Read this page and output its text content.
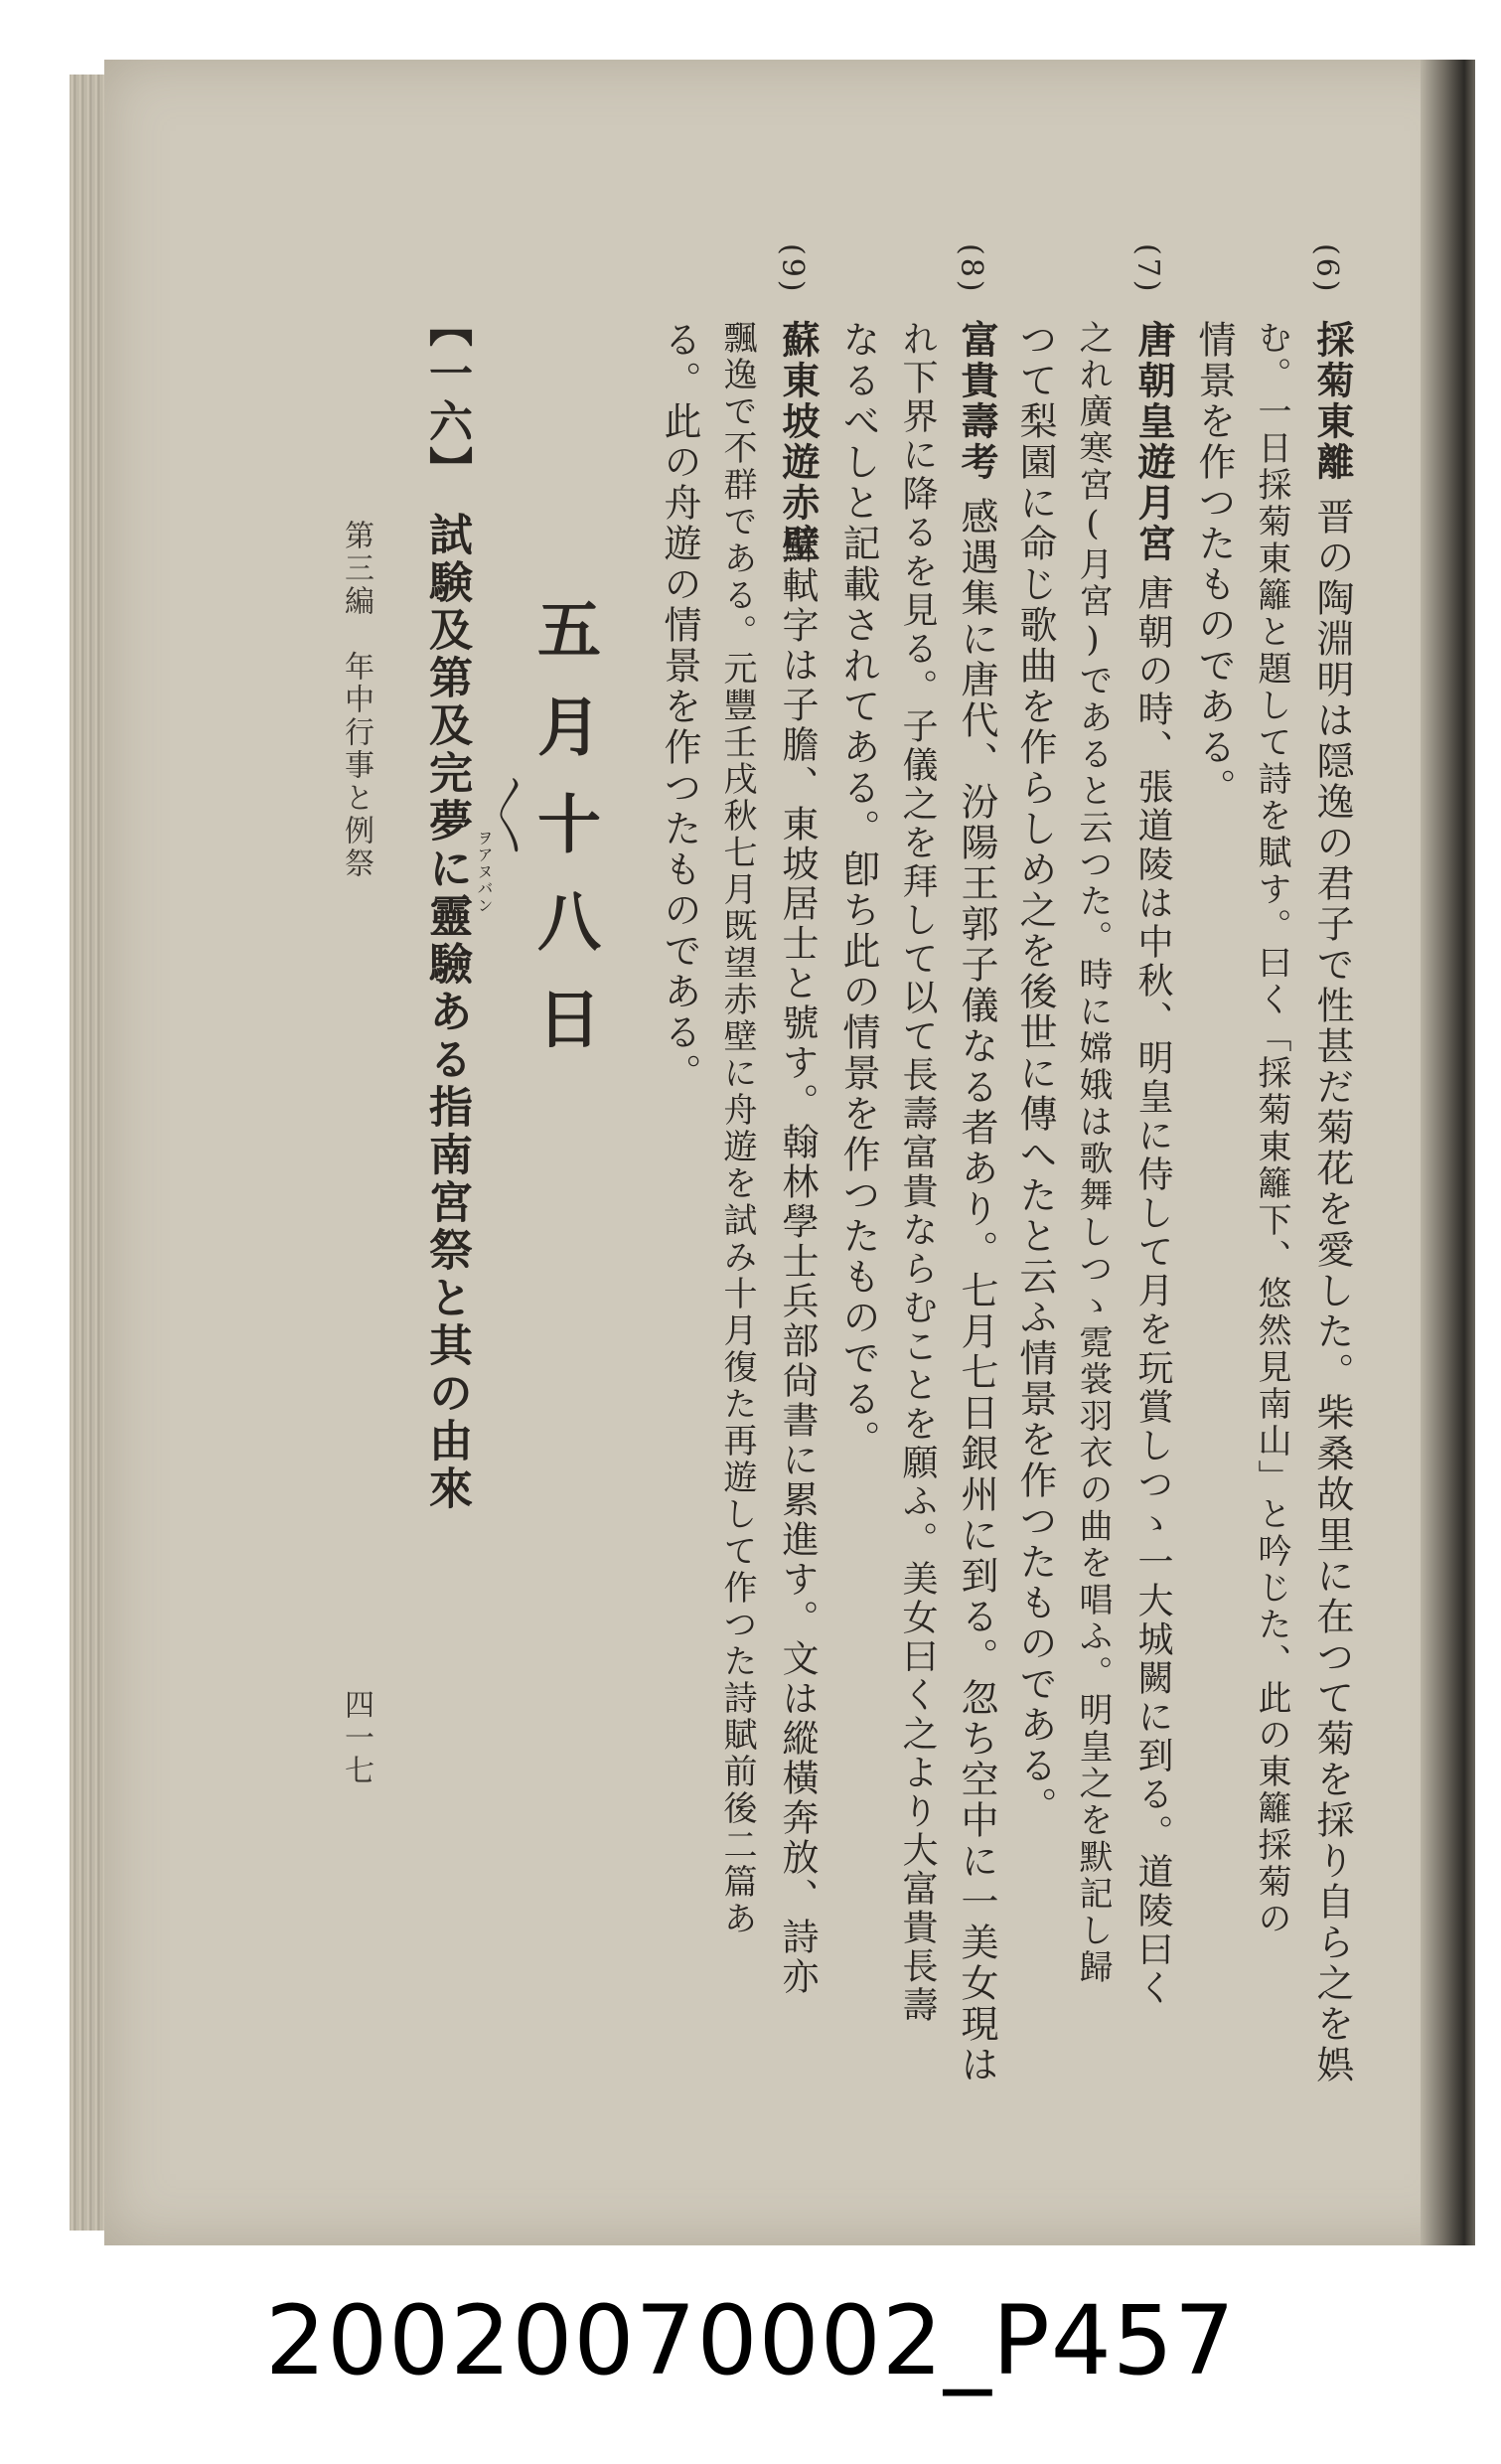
(6)
採菊東離
晋の陶淵明は隠逸の君子で性甚だ菊花を愛した。柴桑故里に在つて菊を採り自ら之を娯
む。一日採菊東籬と題して詩を賦す。曰く「採菊東籬下、悠然見南山」と吟じた、此の東籬採菊の
情景を作つたものである。
(7)
唐朝皇遊月宮
唐朝の時、張道陵は中秋、明皇に侍して月を玩賞しつゝ一大城闕に到る。道陵曰く
之れ廣寒宮(月宮)であると云つた。時に嫦娥は歌舞しつゝ霓裳羽衣の曲を唱ふ。明皇之を默記し歸
つて梨園に命じ歌曲を作らしめ之を後世に傳へたと云ふ情景を作つたものである。
(8)
富貴壽考
感遇集に唐代、汾陽王郭子儀なる者あり。七月七日銀州に到る。忽ち空中に一美女現は
れ下界に降るを見る。子儀之を拜して以て長壽富貴ならむことを願ふ。美女曰く之より大富貴長壽
なるべしと記載されてある。卽ち此の情景を作つたものでる。
(9)
蘇東坡遊赤壁
蘇軾字は子膽、東坡居士と號す。翰林學士兵部尙書に累進す。文は縱橫奔放、詩亦
飄逸で不群である。元豐壬戌秋七月既望赤壁に舟遊を試み十月復た再遊して作つた詩賦前後二篇あ
る。此の舟遊の情景を作つたものである。
五月十八日
【一六】
試験及第及完夢に靈驗ある指南宮祭と其の由來 ヲアヌバン
〳〵
第三編　年中行事と例祭
四一七
20020070002_P457
